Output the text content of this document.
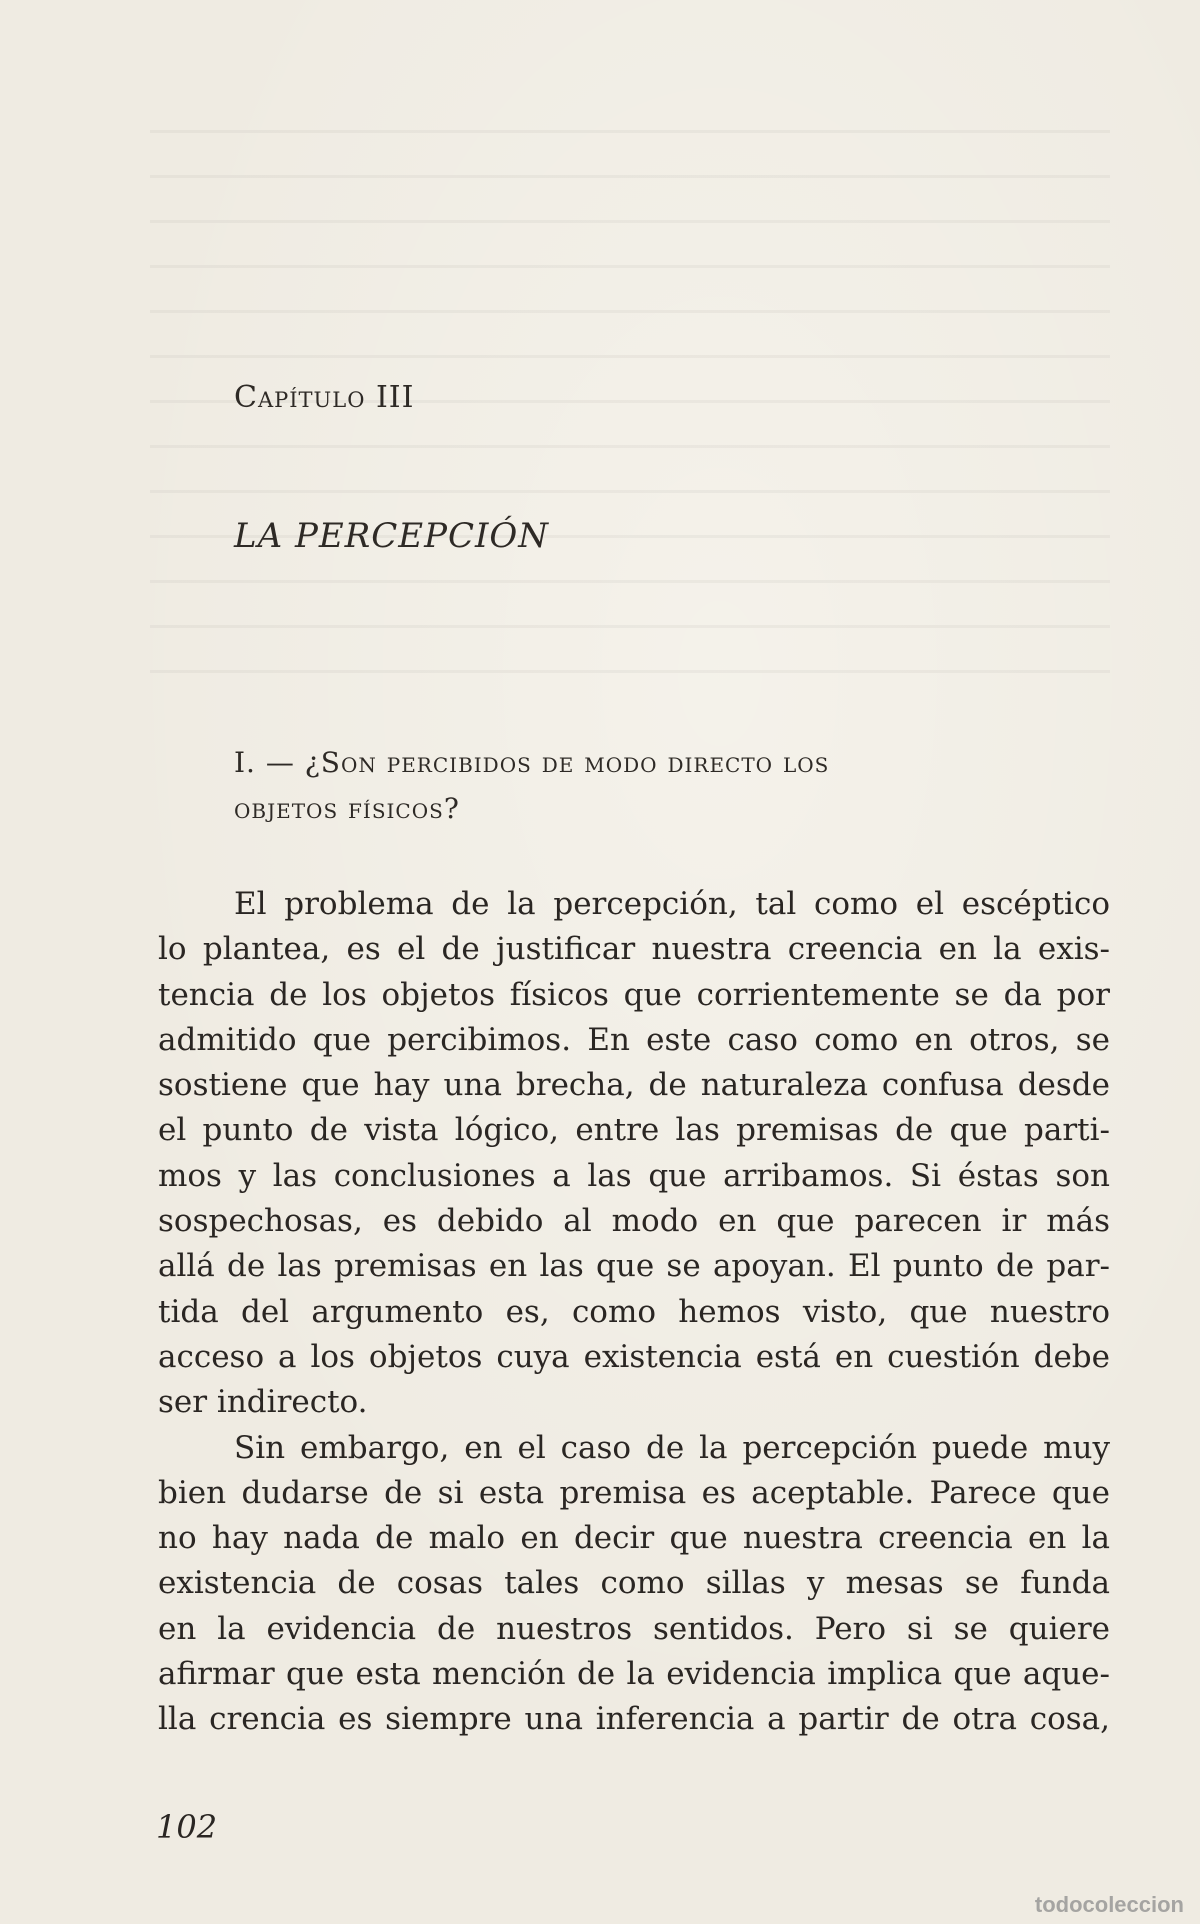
Capítulo III
LA PERCEPCIÓN
I. — ¿Son percibidos de modo directo los
objetos físicos?
El problema de la percepción, tal como el escéptico
lo plantea, es el de justificar nuestra creencia en la exis-
tencia de los objetos físicos que corrientemente se da por
admitido que percibimos. En este caso como en otros, se
sostiene que hay una brecha, de naturaleza confusa desde
el punto de vista lógico, entre las premisas de que parti-
mos y las conclusiones a las que arribamos. Si éstas son
sospechosas, es debido al modo en que parecen ir más
allá de las premisas en las que se apoyan. El punto de par-
tida del argumento es, como hemos visto, que nuestro
acceso a los objetos cuya existencia está en cuestión debe
ser indirecto.
Sin embargo, en el caso de la percepción puede muy
bien dudarse de si esta premisa es aceptable. Parece que
no hay nada de malo en decir que nuestra creencia en la
existencia de cosas tales como sillas y mesas se funda
en la evidencia de nuestros sentidos. Pero si se quiere
afirmar que esta mención de la evidencia implica que aque-
lla crencia es siempre una inferencia a partir de otra cosa,
102
todocoleccion
